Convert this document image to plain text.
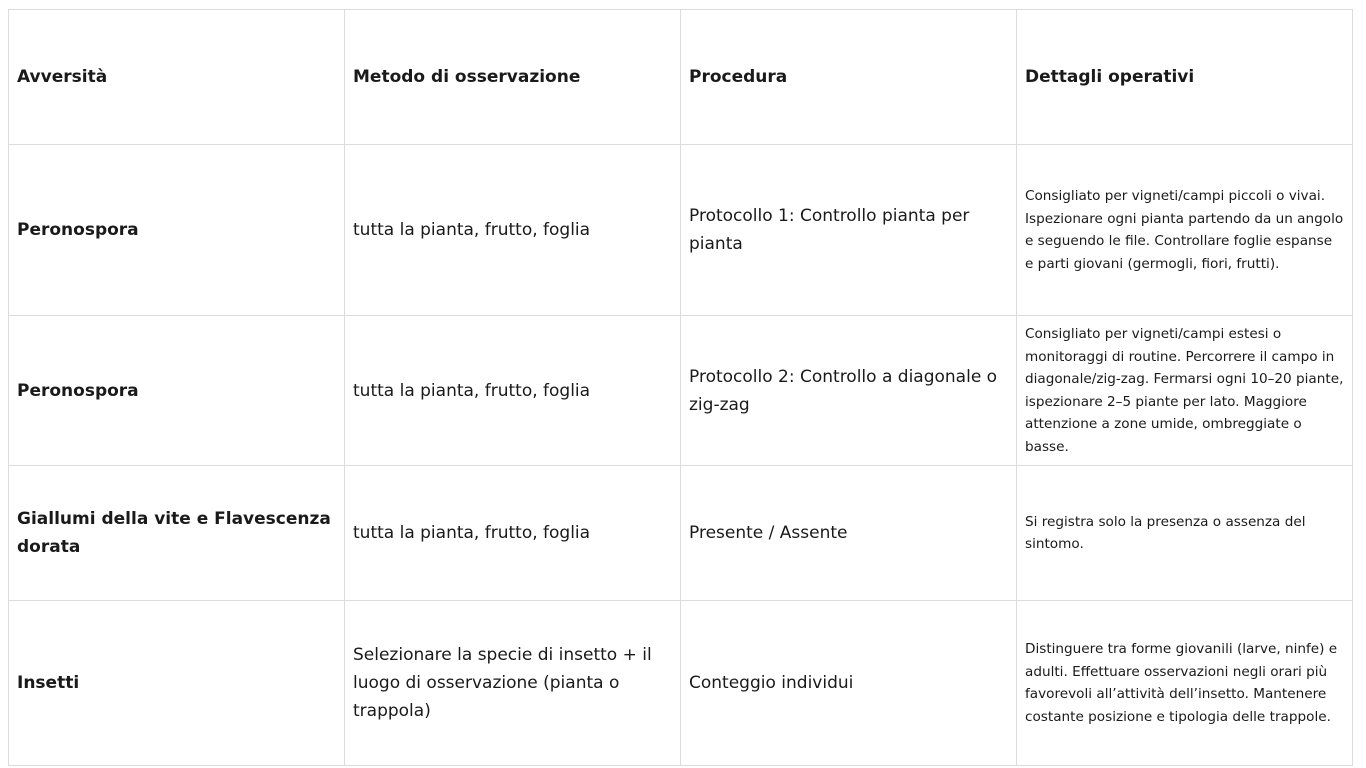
Avversità	Metodo di osservazione	Procedura	Dettagli operativi
Peronospora	tutta la pianta, frutto, foglia	Protocollo 1: Controllo pianta per pianta	Consigliato per vigneti/campi piccoli o vivai. Ispezionare ogni pianta partendo da un angolo e seguendo le file. Controllare foglie espanse e parti giovani (germogli, fiori, frutti).
Peronospora	tutta la pianta, frutto, foglia	Protocollo 2: Controllo a diagonale o zig-zag	Consigliato per vigneti/campi estesi o monitoraggi di routine. Percorrere il campo in diagonale/zig-zag. Fermarsi ogni 10–20 piante, ispezionare 2–5 piante per lato. Maggiore attenzione a zone umide, ombreggiate o basse.
Giallumi della vite e Flavescenza dorata	tutta la pianta, frutto, foglia	Presente / Assente	Si registra solo la presenza o assenza del sintomo.
Insetti	Selezionare la specie di insetto + il luogo di osservazione (pianta o trappola)	Conteggio individui	Distinguere tra forme giovanili (larve, ninfe) e adulti. Effettuare osservazioni negli orari più favorevoli all’attività dell’insetto. Mantenere costante posizione e tipologia delle trappole.
